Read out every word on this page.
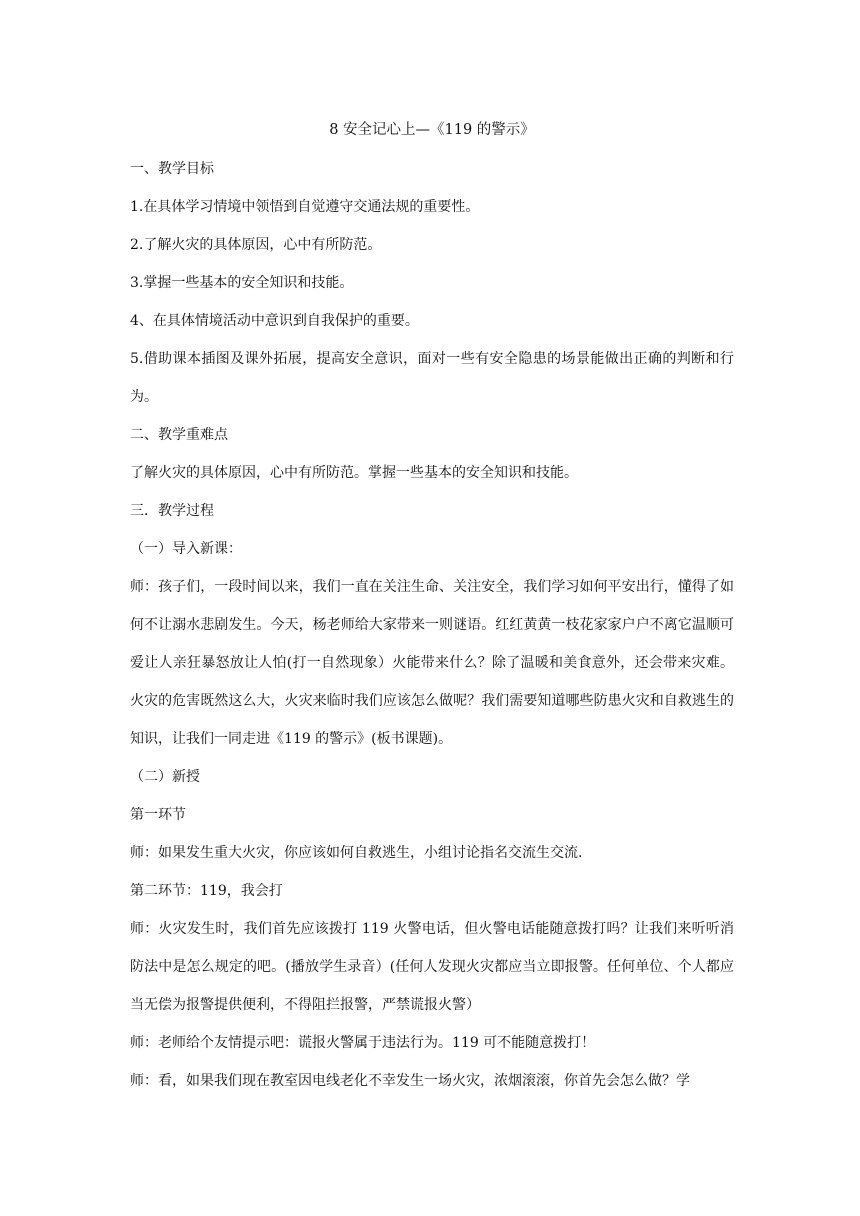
8 安全记心上—《119 的警示》
一、教学目标
1.在具体学习情境中领悟到自觉遵守交通法规的重要性。
2.了解火灾的具体原因，心中有所防范。
3.掌握一些基本的安全知识和技能。
4、在具体情境活动中意识到自我保护的重要。
5.借助课本插图及课外拓展，提高安全意识，面对一些有安全隐患的场景能做出正确的判断和行为。
二、教学重难点
了解火灾的具体原因，心中有所防范。掌握一些基本的安全知识和技能。
三．教学过程
（一）导入新课：
师：孩子们，一段时间以来，我们一直在关注生命、关注安全，我们学习如何平安出行，懂得了如何不让溺水悲剧发生。今天，杨老师给大家带来一则谜语。红红黄黄一枝花家家户户不离它温顺可爱让人亲狂暴怒放让人怕(打一自然现象）火能带来什么？除了温暖和美食意外，还会带来灾难。火灾的危害既然这么大，火灾来临时我们应该怎么做呢？我们需要知道哪些防患火灾和自救逃生的知识，让我们一同走进《119 的警示》(板书课题)。
（二）新授
第一环节
师：如果发生重大火灾，你应该如何自救逃生，小组讨论指名交流生交流.
第二环节：119，我会打
师：火灾发生时，我们首先应该拨打 119 火警电话，但火警电话能随意拨打吗？让我们来听听消防法中是怎么规定的吧。(播放学生录音）(任何人发现火灾都应当立即报警。任何单位、个人都应当无偿为报警提供便利，不得阻拦报警，严禁谎报火警）
师：老师给个友情提示吧：谎报火警属于违法行为。119 可不能随意拨打！
师：看，如果我们现在教室因电线老化不幸发生一场火灾，浓烟滚滚，你首先会怎么做？学
